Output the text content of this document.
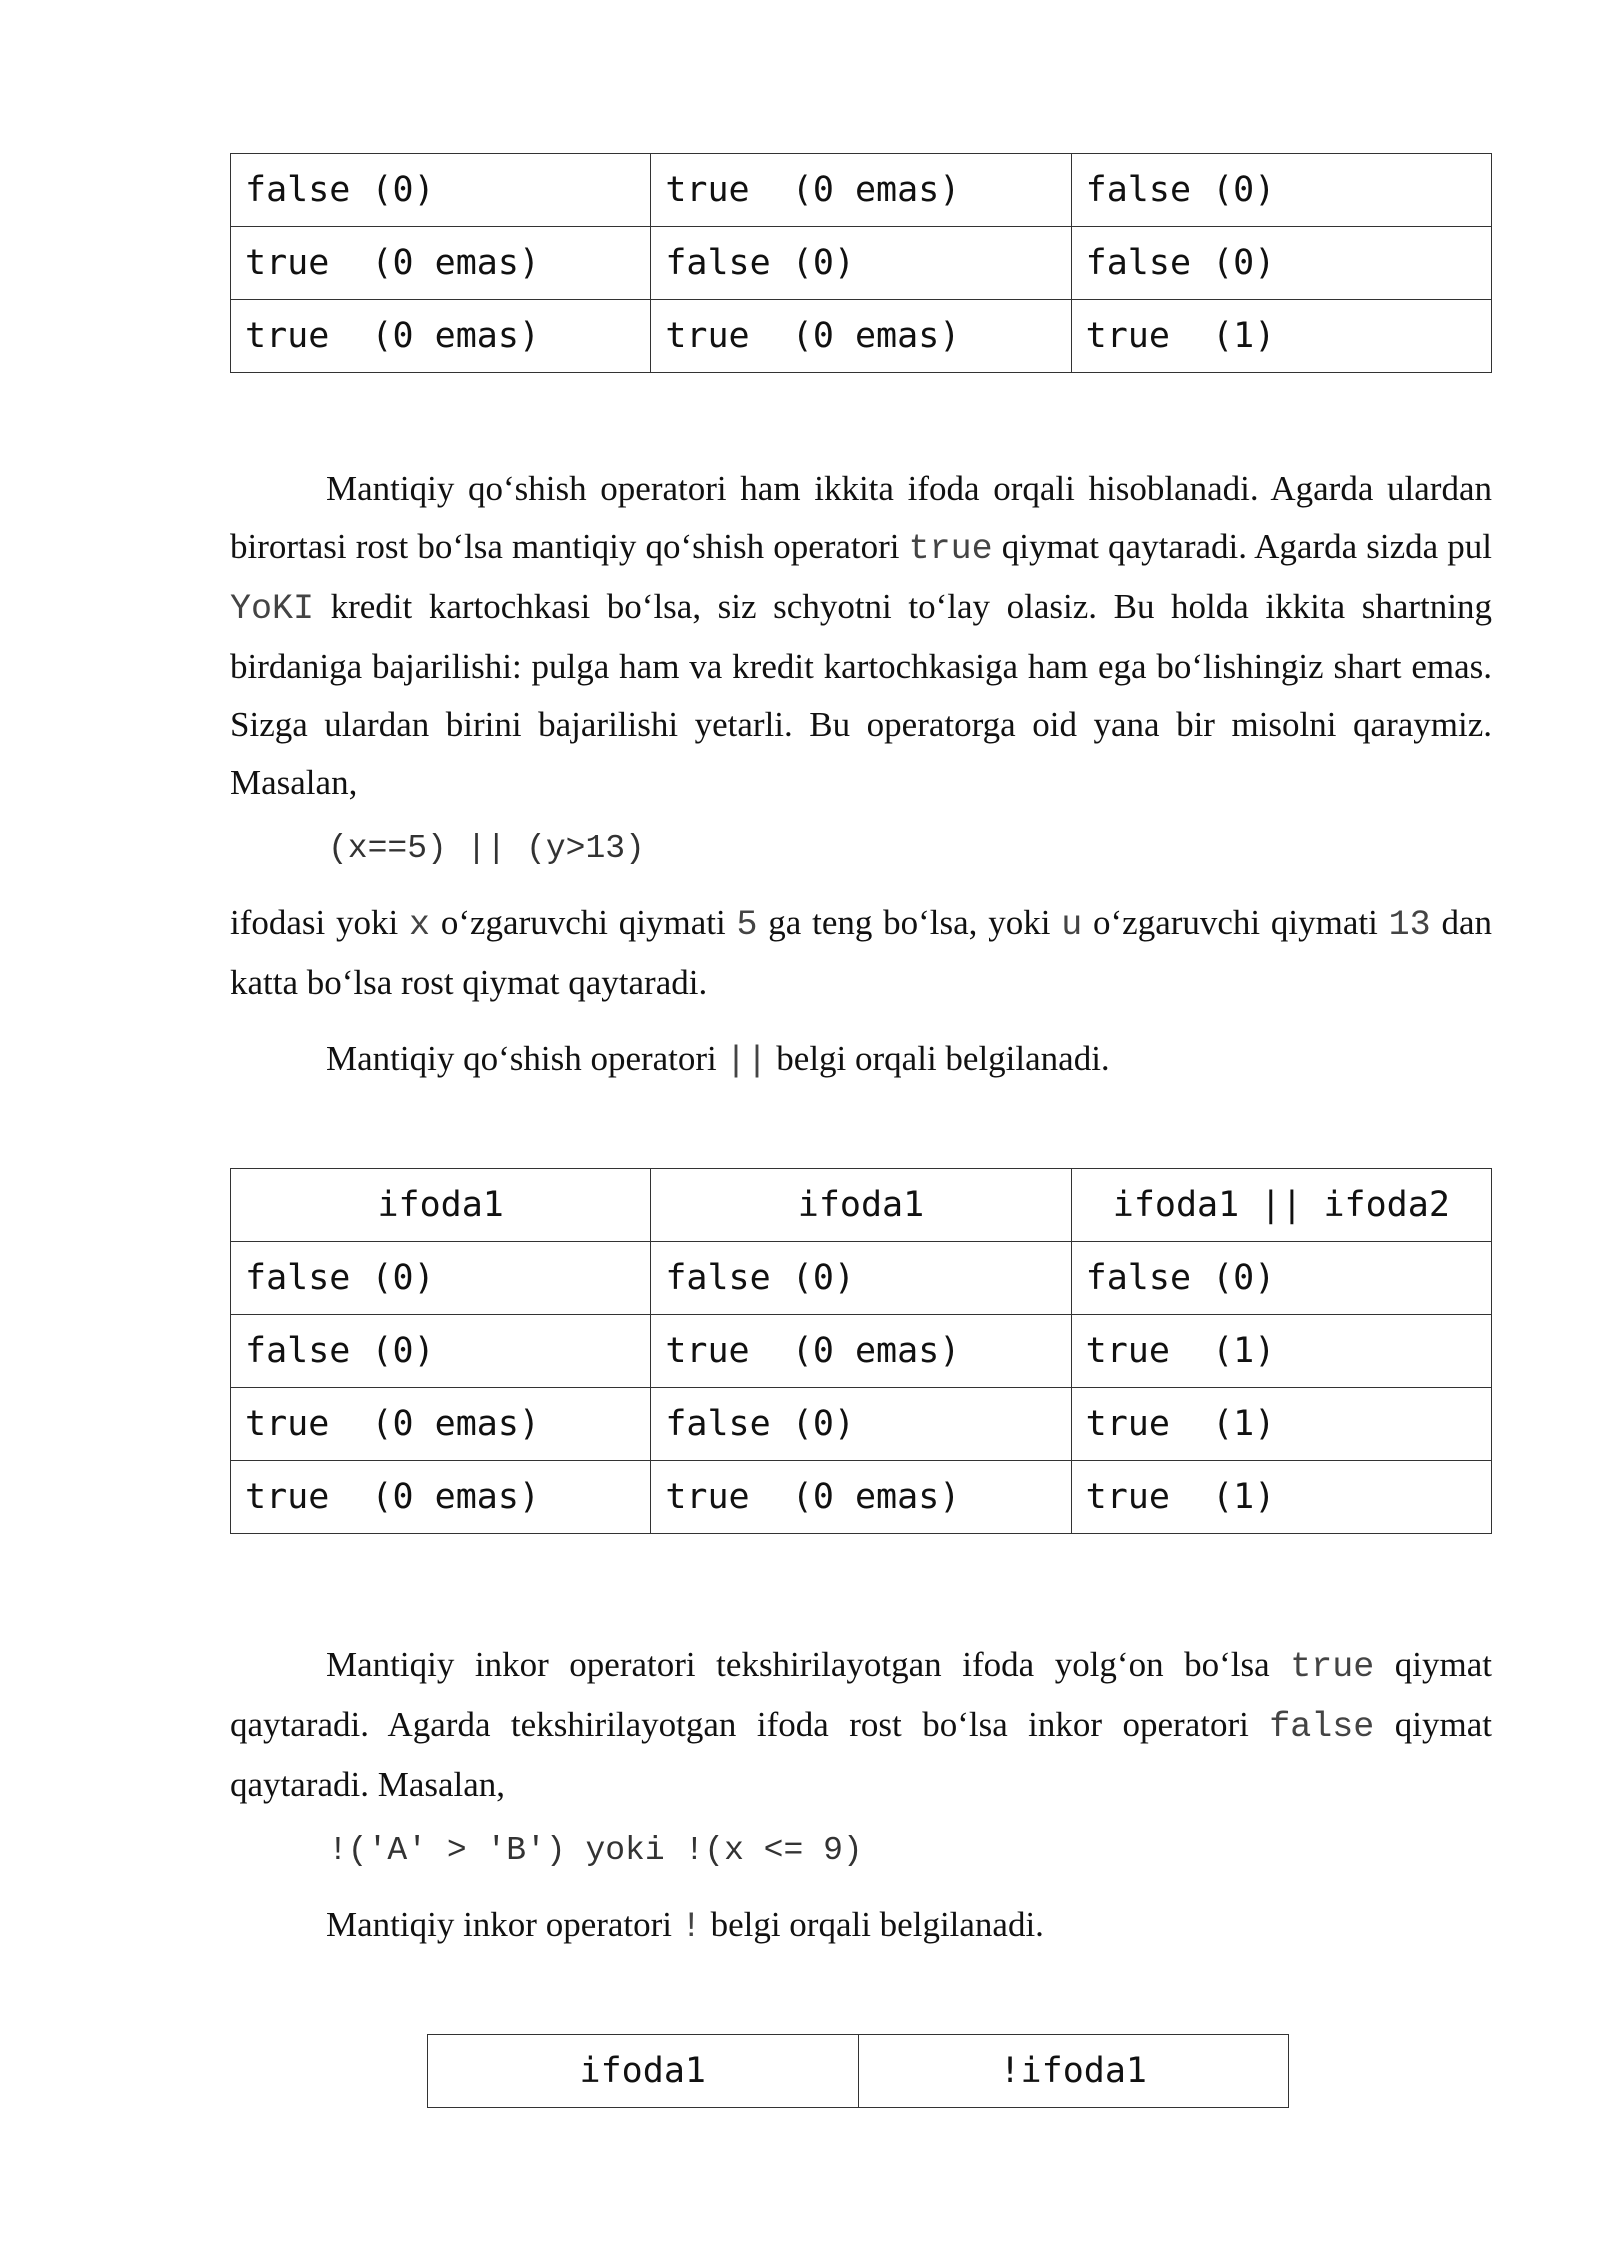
false (0)	true  (0 emas)	false (0)
true  (0 emas)	false (0)	false (0)
true  (0 emas)	true  (0 emas)	true  (1)

Mantiqiy qo‘shish operatori ham ikkita ifoda orqali hisoblanadi. Agarda ulardan birortasi rost bo‘lsa mantiqiy qo‘shish operatori true qiymat qaytaradi. Agarda sizda pul YoKI kredit kartochkasi bo‘lsa, siz schyotni to‘lay olasiz. Bu holda ikkita shartning birdaniga bajarilishi: pulga ham va kredit kartochkasiga ham ega bo‘lishingiz shart emas. Sizga ulardan birini bajarilishi yetarli. Bu operatorga oid yana bir misolni qaraymiz. Masalan,

(x==5) || (y>13)

ifodasi yoki x o‘zgaruvchi qiymati 5 ga teng bo‘lsa, yoki u o‘zgaruvchi qiymati 13 dan katta bo‘lsa rost qiymat qaytaradi.

Mantiqiy qo‘shish operatori || belgi orqali belgilanadi.

ifoda1	ifoda1	ifoda1 || ifoda2
false (0)	false (0)	false (0)
false (0)	true  (0 emas)	true  (1)
true  (0 emas)	false (0)	true  (1)
true  (0 emas)	true  (0 emas)	true  (1)

Mantiqiy inkor operatori tekshirilayotgan ifoda yolg‘on bo‘lsa true qiymat qaytaradi. Agarda tekshirilayotgan ifoda rost bo‘lsa inkor operatori false qiymat qaytaradi. Masalan,

!('A' > 'B') yoki !(x <= 9)

Mantiqiy inkor operatori ! belgi orqali belgilanadi.

ifoda1	!ifoda1
